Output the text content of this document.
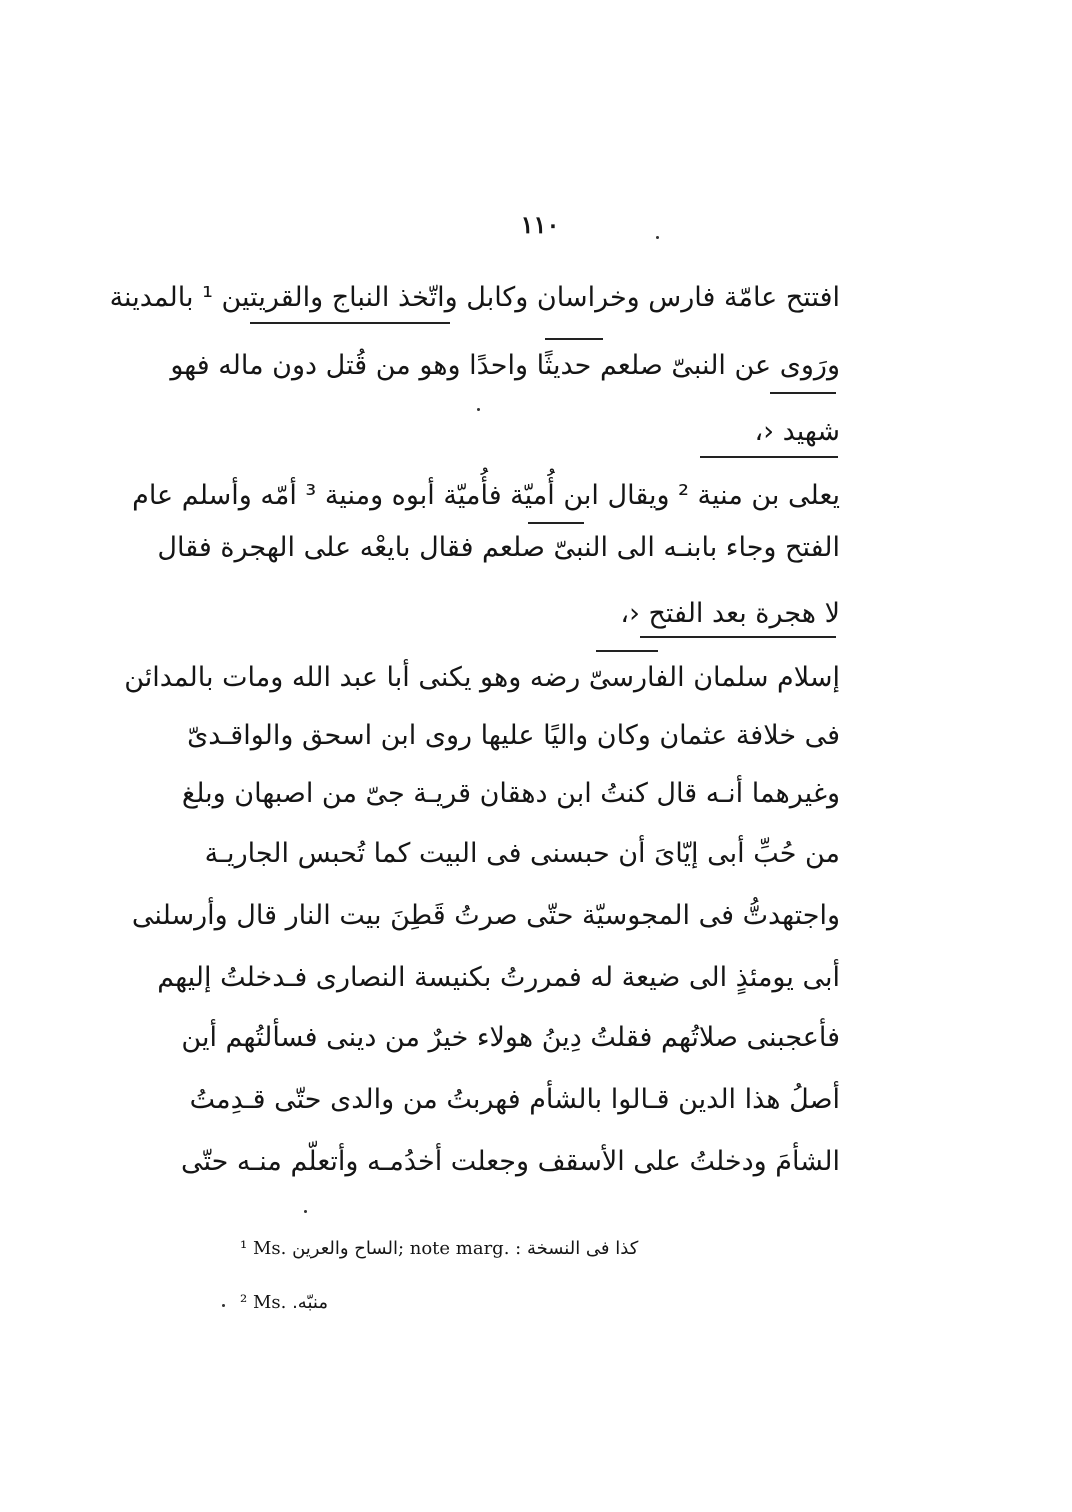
١١٠
افتتح عامّة فارس وخراسان وكابل واتّخذ النباج والقريتين ¹ بالمدينة
ورَوى عن النبىّ صلعم حديثًا واحدًا وهو من قُتل دون ماله فهو
شهيد ‹،
يعلى بن منية ² ويقال ابن أُميّة فأُميّة أبوه ومنية ³ أمّه وأسلم عام
الفتح وجاء بابنـه الى النبىّ صلعم فقال بايعْه على الهجرة فقال
لا هجرة بعد الفتح ‹،
إسلام سلمان الفارسىّ رضه وهو يكنى أبا عبد الله ومات بالمدائن
فى خلافة عثمان وكان واليًا عليها روى ابن اسحق والواقـدىّ
وغيرهما أنـه قال كنتُ ابن دهقان قريـة جىّ من اصبهان وبلغ
من حُبِّ أبى إيّاىَ أن حبسنى فى البيت كما تُحبس الجاريـة
واجتهدتُّ فى المجوسيّة حتّى صرتُ قَطِنَ بيت النار قال وأرسلنى
أبى يومئذٍ الى ضيعة له فمررتُ بكنيسة النصارى فـدخلتُ إليهم
فأعجبنى صلاتُهم فقلتُ دِينُ هولاء خيرٌ من دينى فسألتُهم أين
أصلُ هذا الدين قـالوا بالشأم فهربتُ من والدى حتّى قـدِمتُ
الشأمَ ودخلتُ على الأسقف وجعلت أخدُمـه وأتعلّم منـه حتّى
¹ Ms. الساح والعرين; note marg. : كذا فى النسخة
² Ms. منبّه.
